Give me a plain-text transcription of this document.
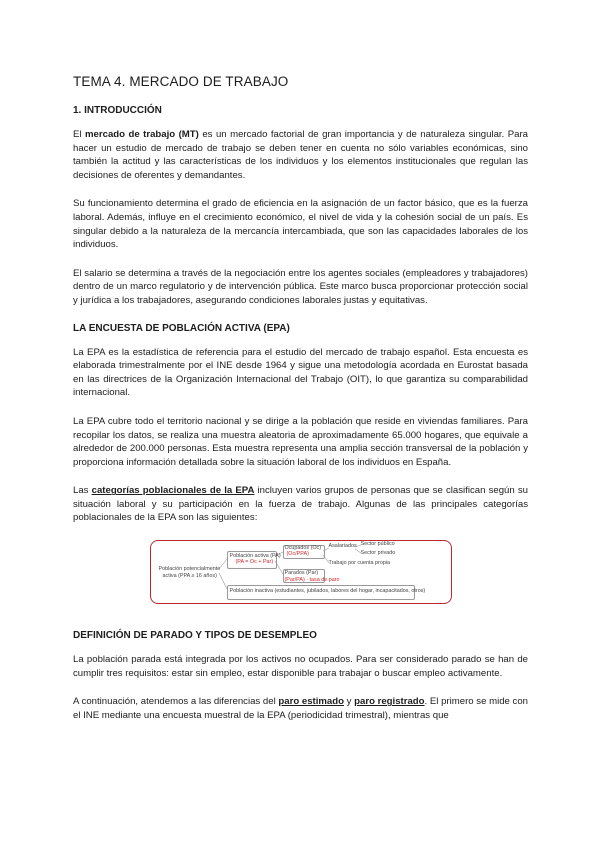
TEMA 4. MERCADO DE TRABAJO
1. INTRODUCCIÓN

El mercado de trabajo (MT) es un mercado factorial de gran importancia y de naturaleza singular. Para hacer un estudio de mercado de trabajo se deben tener en cuenta no sólo variables económicas, sino también la actitud y las características de los individuos y los elementos institucionales que regulan las decisiones de oferentes y demandantes.

Su funcionamiento determina el grado de eficiencia en la asignación de un factor básico, que es la fuerza laboral. Además, influye en el crecimiento económico, el nivel de vida y la cohesión social de un país. Es singular debido a la naturaleza de la mercancía intercambiada, que son las capacidades laborales de los individuos.

El salario se determina a través de la negociación entre los agentes sociales (empleadores y trabajadores) dentro de un marco regulatorio y de intervención pública. Este marco busca proporcionar protección social y jurídica a los trabajadores, asegurando condiciones laborales justas y equitativas.

LA ENCUESTA DE POBLACIÓN ACTIVA (EPA)

La EPA es la estadística de referencia para el estudio del mercado de trabajo español. Esta encuesta es elaborada trimestralmente por el INE desde 1964 y sigue una metodología acordada en Eurostat basada en las directrices de la Organización Internacional del Trabajo (OIT), lo que garantiza su comparabilidad internacional.

La EPA cubre todo el territorio nacional y se dirige a la población que reside en viviendas familiares. Para recopilar los datos, se realiza una muestra aleatoria de aproximadamente 65.000 hogares, que equivale a alrededor de 200.000 personas. Esta muestra representa una amplia sección transversal de la población y proporciona información detallada sobre la situación laboral de los individuos en España.

Las categorías poblacionales de la EPA incluyen varios grupos de personas que se clasifican según su situación laboral y su participación en la fuerza de trabajo. Algunas de las principales categorías poblacionales de la EPA son las siguientes:

Población potencialmente
activa (PPA ≥ 16 años)
Población activa (PA)
(PA = Oc + Par)
Ocupados (Oc)
(Oc/PPA)
Asalariados Sector público
Sector privado
Trabajo por cuenta propia
Parados (Par)
(Par/PA) · tasa de paro
Población inactiva (estudiantes, jubilados, labores del hogar, incapacitados, otros)
DEFINICIÓN DE PARADO Y TIPOS DE DESEMPLEO

La población parada está integrada por los activos no ocupados. Para ser considerado parado se han de cumplir tres requisitos: estar sin empleo, estar disponible para trabajar o buscar empleo activamente.

A continuación, atendemos a las diferencias del paro estimado y paro registrado. El primero se mide con el INE mediante una encuesta muestral de la EPA (periodicidad trimestral), mientras que
